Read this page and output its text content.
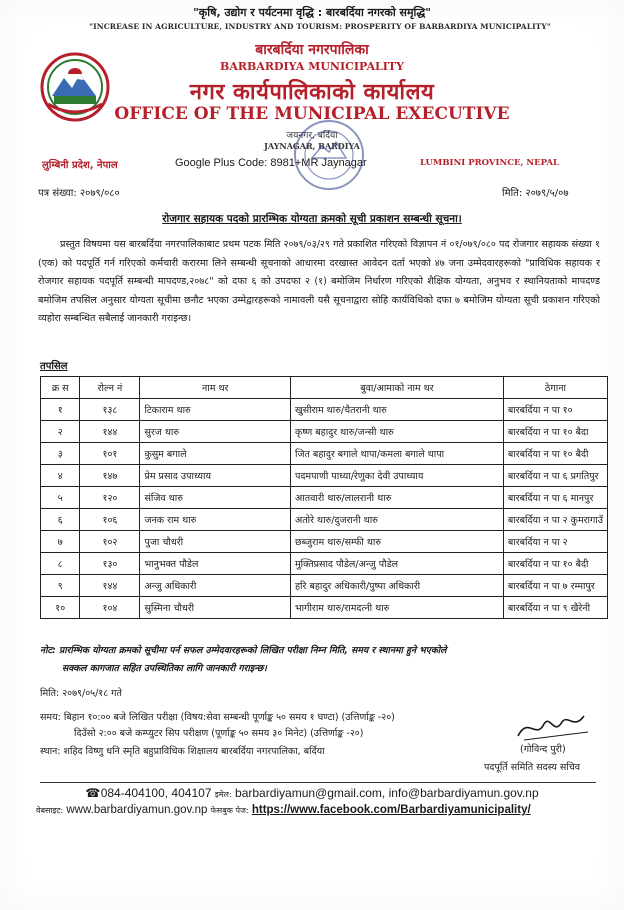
"कृषि, उद्योग र पर्यटनमा वृद्धि : बारबर्दिया नगरको समृद्धि"
"INCREASE IN AGRICULTURE, INDUSTRY AND TOURISM: PROSPERITY OF BARBARDIYA MUNICIPALITY"
बारबर्दिया नगरपालिका
BARBARDIYA MUNICIPALITY
नगर कार्यपालिकाको कार्यालय
OFFICE OF THE MUNICIPAL EXECUTIVE
जयनगर, बर्दिया
JAYNAGAR, BARDIYA
लुम्बिनी प्रदेश, नेपाल	Google Plus Code: 8981+MR Jaynagar	LUMBINI PROVINCE, NEPAL
पत्र संख्या: २०७९/०८०	मिति: २०७९/५/०७
रोजगार सहायक पदको प्रारम्भिक योग्यता क्रमको सूची प्रकाशन सम्बन्धी सूचना।
प्रस्तुत विषयमा यस बारबर्दिया नगरपालिकाबाट प्रथम पटक मिति २०७९/०३/२९ गते प्रकाशित गरिएको विज्ञापन नं ०१/०७९/०८० पद रोजगार सहायक संख्या १ (एक) को पदपूर्ति गर्न गरिएको कर्मचारी करारमा लिने सम्बन्धी सूचनाको आधारमा दरखास्त आवेदन दर्ता भएको ४७ जना उम्मेदवारहरूको "प्राविधिक सहायक र रोजगार सहायक पदपूर्ति सम्बन्धी मापदण्ड,२०७८" को दफा ६ को उपदफा २ (१) बमोजिम निर्धारण गरिएको शैक्षिक योग्यता, अनुभव र स्थानियताको मापदण्ड बमोजिम तपसिल अनुसार योग्यता सूचीमा छनौट भएका उम्मेद्वारहरूको नामावली यसै सूचनाद्वारा सोहि कार्यविधिको दफा ७ बमोजिम योग्यता सूची प्रकाशन गरिएको व्यहोरा सम्बन्धित सबैलाई जानकारी गराइन्छ।
तपसिल
क्र स	रोल्न नं	नाम थर	बुवा/आमाको नाम थर	ठेगाना
१	१३८	टिकाराम थारु	खुसीराम थारु/चैतरानी थारु	बारबर्दिया न पा १०
२	१४४	सुरज थारु	कृष्ण बहादुर थारु/जन्सी थारु	बारबर्दिया न पा १० बैदा
३	१०१	कुसुम बगाले	जित बहादुर बगाले थापा/कमला बगाले थापा	बारबर्दिया न पा १० बैदी
४	१४७	प्रेम प्रसाद उपाध्याय	पदमपाणी पाध्या/रेणुका देवी उपाध्याय	बारबर्दिया न पा ६ प्रगतिपुर
५	१२०	संजिव थारु	आतवारी थारु/लालरानी थारु	बारबर्दिया न पा ६ मानपुर
६	१०६	जनक राम थारु	अतोरे थारु/दुजरानी थारु	बारबर्दिया न पा २ कुमरागाउँ
७	१०२	पुजा चौधरी	छब्जुराम थारु/सम्फी थारु	बारबर्दिया न पा २
८	१३०	भानुभक्त पौडेल	मुक्तिप्रसाद पौडेल/अन्जु पौडेल	बारबर्दिया न पा १० बैदी
९	१४४	अन्जु अधिकारी	हरि बहादुर अधिकारी/पुष्पा अधिकारी	बारबर्दिया न पा ७ रम्मापुर
१०	१०४	सुस्मिना चौधरी	भागीराम थारु/रामदत्नी थारु	बारबर्दिया न पा ९ खैरेनी
नोट: प्रारम्भिक योग्यता क्रमको सूचीमा पर्न सफल उम्मेदवारहरूको लिखित परीक्षा निम्न मिति, समय र स्थानमा हुने भएकोले
सक्कल कागजात सहित उपस्थितिका लागि जानकारी गराइन्छ।
मिति: २०७९/०५/१८ गते
समय: बिहान १०:०० बजे लिखित परीक्षा (विषय:सेवा सम्बन्धी पूर्णाङ्क ५० समय १ घण्टा) (उत्तिर्णाङ्क -२०)
दिउँसो २:०० बजे कम्प्युटर सिप परीक्षण (पूर्णाङ्क ५० समय ३० मिनेट) (उत्तिर्णाङ्क -२०)
स्थान: शहिद विष्णु धनि स्मृति बहुप्राविधिक शिक्षालय बारबर्दिया नगरपालिका, बर्दिया	(गोविन्द पुरी)
पदपूर्ति समिति सदस्य सचिव
☎ 084-404100, 404107 इमेल: barbardiyamun@gmail.com, info@barbardiyamun.gov.np
वेबसाइट: www.barbardiyamun.gov.np फेसबुक पेज: https://www.facebook.com/Barbardiyamunicipality/
